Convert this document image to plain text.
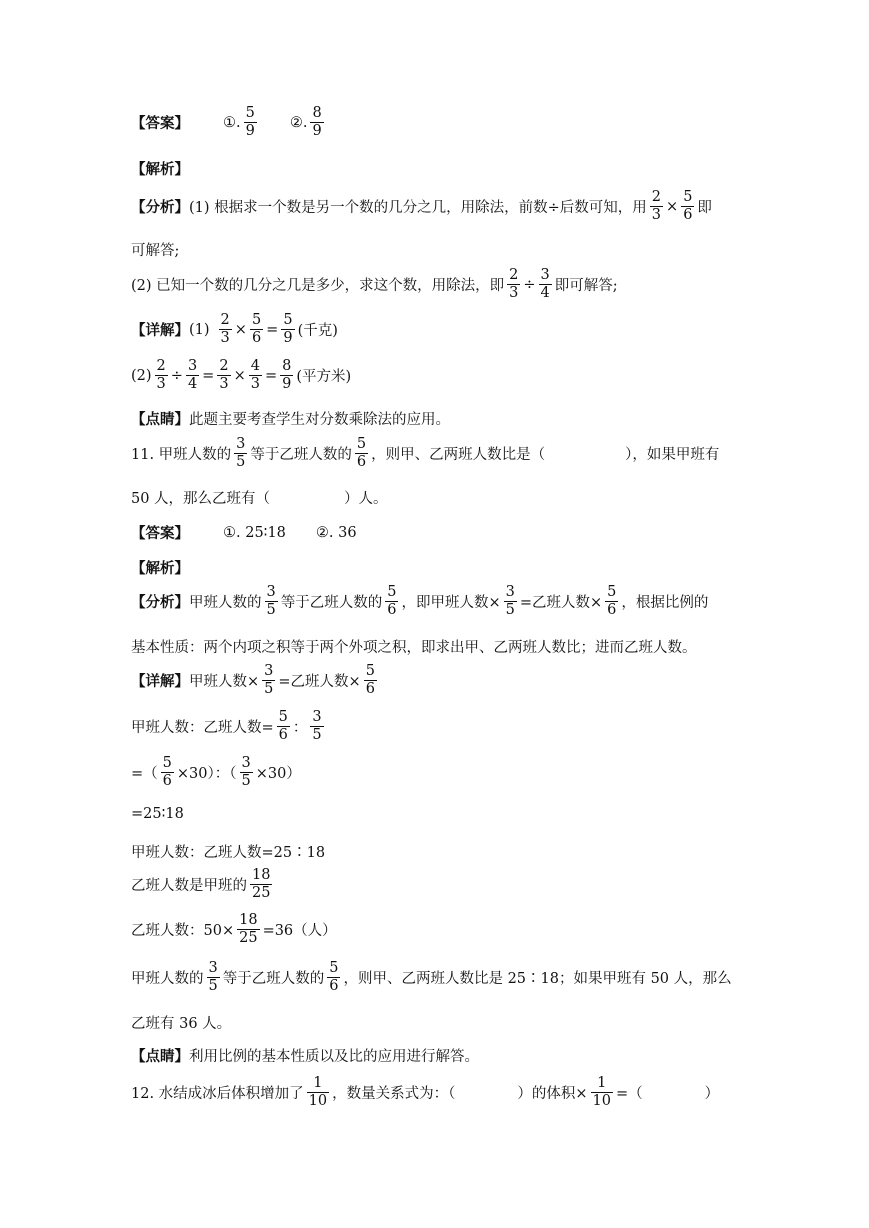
【答案】 ①. $\frac{5}{9}$ ②. $\frac{8}{9}$
【解析】
【分析】 (1) 根据求一个数是另一个数的几分之几，用除法，前数÷后数可知，用 $\frac{2}{3} \times \frac{5}{6}$ 即
可解答;
(2) 已知一个数的几分之几是多少，求这个数，用除法，即 $\frac{2}{3} \div \frac{3}{4}$ 即可解答;
【详解】 $(1) \frac{2}{3} \times \frac{5}{6} = \frac{5}{9}$ (千克)
$(2) \frac{2}{3} \div \frac{3}{4} = \frac{2}{3} \times \frac{4}{3} = \frac{8}{9}$ (平方米)
【点睛】 此题主要考查学生对分数乘除法的应用。
11. 甲班人数的 $\frac{3}{5}$ 等于乙班人数的 $\frac{5}{6}$ ，则甲、乙两班人数比是（	），如果甲班有
50 人，那么乙班有（	）人。
【答案】 ①. 25∶18 ②. 36
【解析】
【分析】 甲班人数的 $\frac{3}{5}$ 等于乙班人数的 $\frac{5}{6}$ ，即甲班人数× $\frac{3}{5}$ =乙班人数× $\frac{5}{6}$ ，根据比例的
基本性质：两个内项之积等于两个外项之积，即求出甲、乙两班人数比；进而乙班人数。
【详解】 甲班人数× $\frac{3}{5}$ =乙班人数× $\frac{5}{6}$
甲班人数：乙班人数= $\frac{5}{6}$ ： $\frac{3}{5}$
=（ $\frac{5}{6} \times 30$）：（ $\frac{3}{5} \times 30$）
=25∶18
甲班人数：乙班人数=25∶18
乙班人数是甲班的 $\frac{18}{25}$
乙班人数：$50\times \frac{18}{25} =36$（人）
甲班人数的 $\frac{3}{5}$ 等于乙班人数的 $\frac{5}{6}$ ，则甲、乙两班人数比是 25∶18；如果甲班有 50 人，那么
乙班有 36 人。
【点睛】 利用比例的基本性质以及比的应用进行解答。
12. 水结成冰后体积增加了 $\frac{1}{10}$ ，数量关系式为：（	）的体积× $\frac{1}{10}$ =（	）
